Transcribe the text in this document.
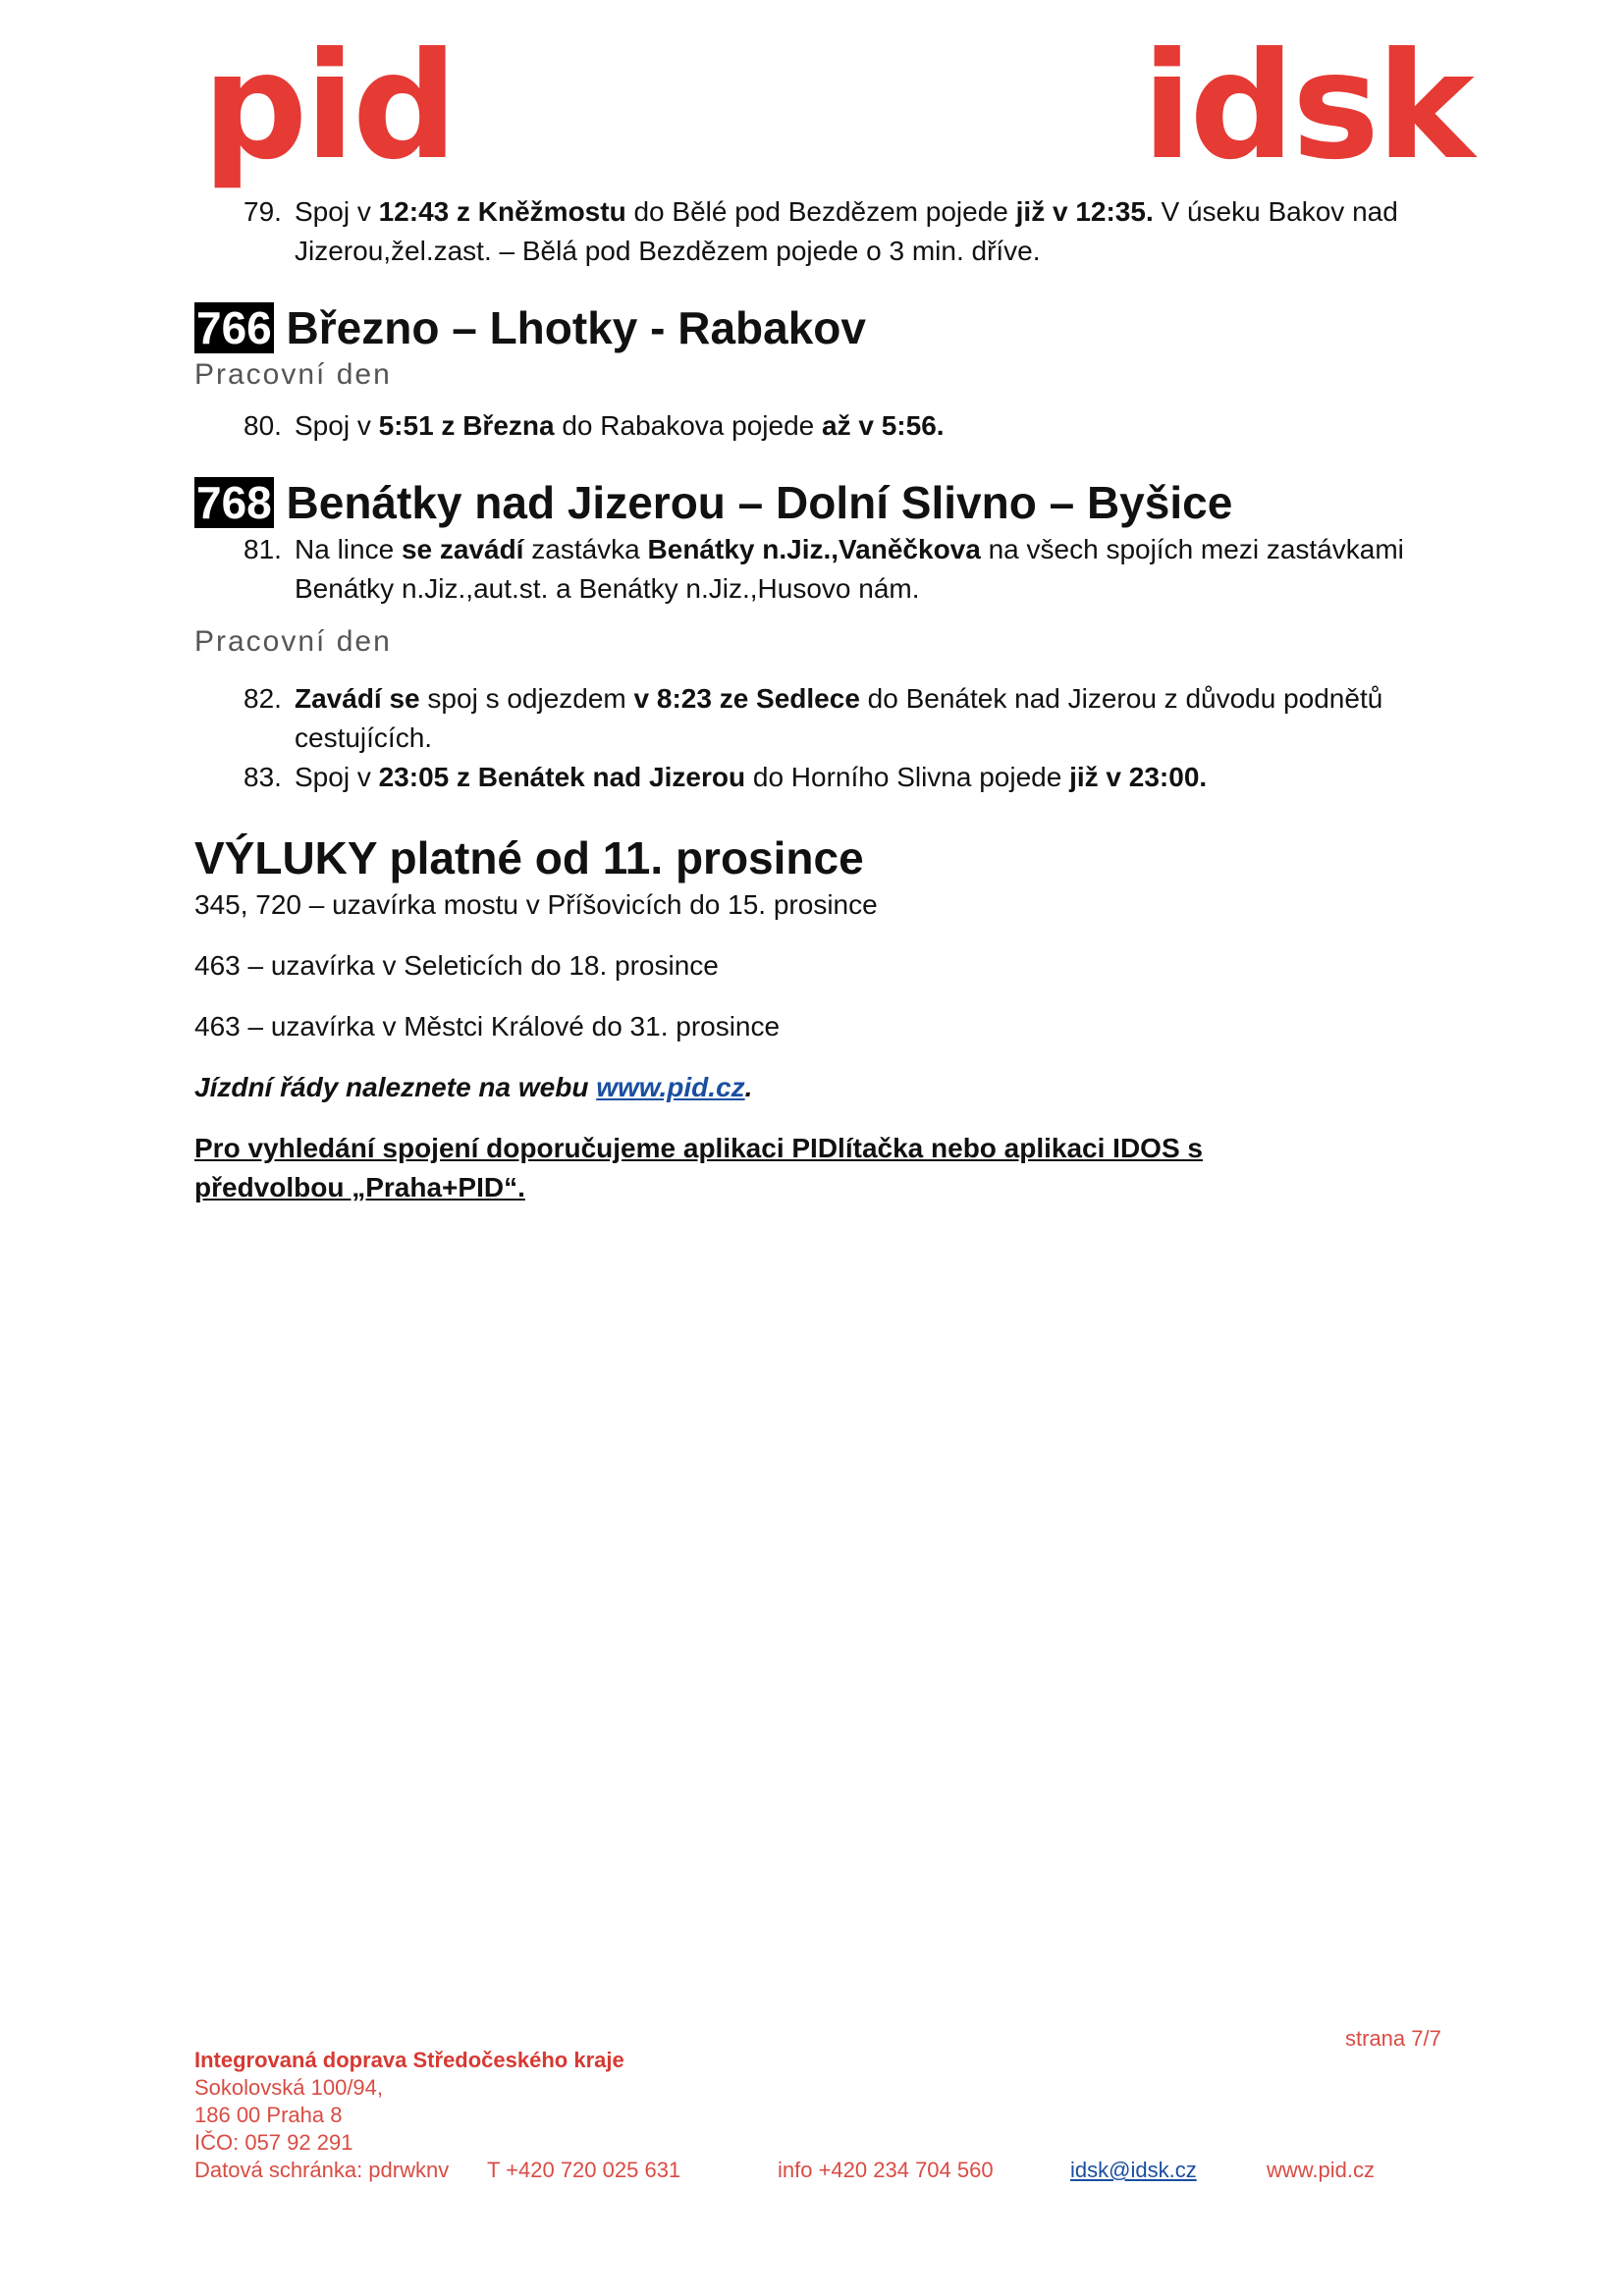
pid	idsk

79. Spoj v 12:43 z Kněžmostu do Bělé pod Bezdězem pojede již v 12:35. V úseku Bakov nad Jizerou,žel.zast. – Bělá pod Bezdězem pojede o 3 min. dříve.

766 Březno – Lhotky - Rabakov

Pracovní den

80. Spoj v 5:51 z Března do Rabakova pojede až v 5:56.

768 Benátky nad Jizerou – Dolní Slivno – Byšice

81. Na lince se zavádí zastávka Benátky n.Jiz.,Vaněčkova na všech spojích mezi zastávkami Benátky n.Jiz.,aut.st. a Benátky n.Jiz.,Husovo nám.

Pracovní den

82. Zavádí se spoj s odjezdem v 8:23 ze Sedlece do Benátek nad Jizerou z důvodu podnětů cestujících.

83. Spoj v 23:05 z Benátek nad Jizerou do Horního Slivna pojede již v 23:00.

VÝLUKY platné od 11. prosince

345, 720 – uzavírka mostu v Příšovicích do 15. prosince

463 – uzavírka v Seleticích do 18. prosince

463 – uzavírka v Městci Králové do 31. prosince

Jízdní řády naleznete na webu www.pid.cz.

Pro vyhledání spojení doporučujeme aplikaci PIDlítačka nebo aplikaci IDOS s předvolbou „Praha+PID“.

strana 7/7
Integrovaná doprava Středočeského kraje
Sokolovská 100/94,
186 00 Praha 8
IČO: 057 92 291
Datová schránka: pdrwknv	T +420 720 025 631	info +420 234 704 560	idsk@idsk.cz	www.pid.cz
